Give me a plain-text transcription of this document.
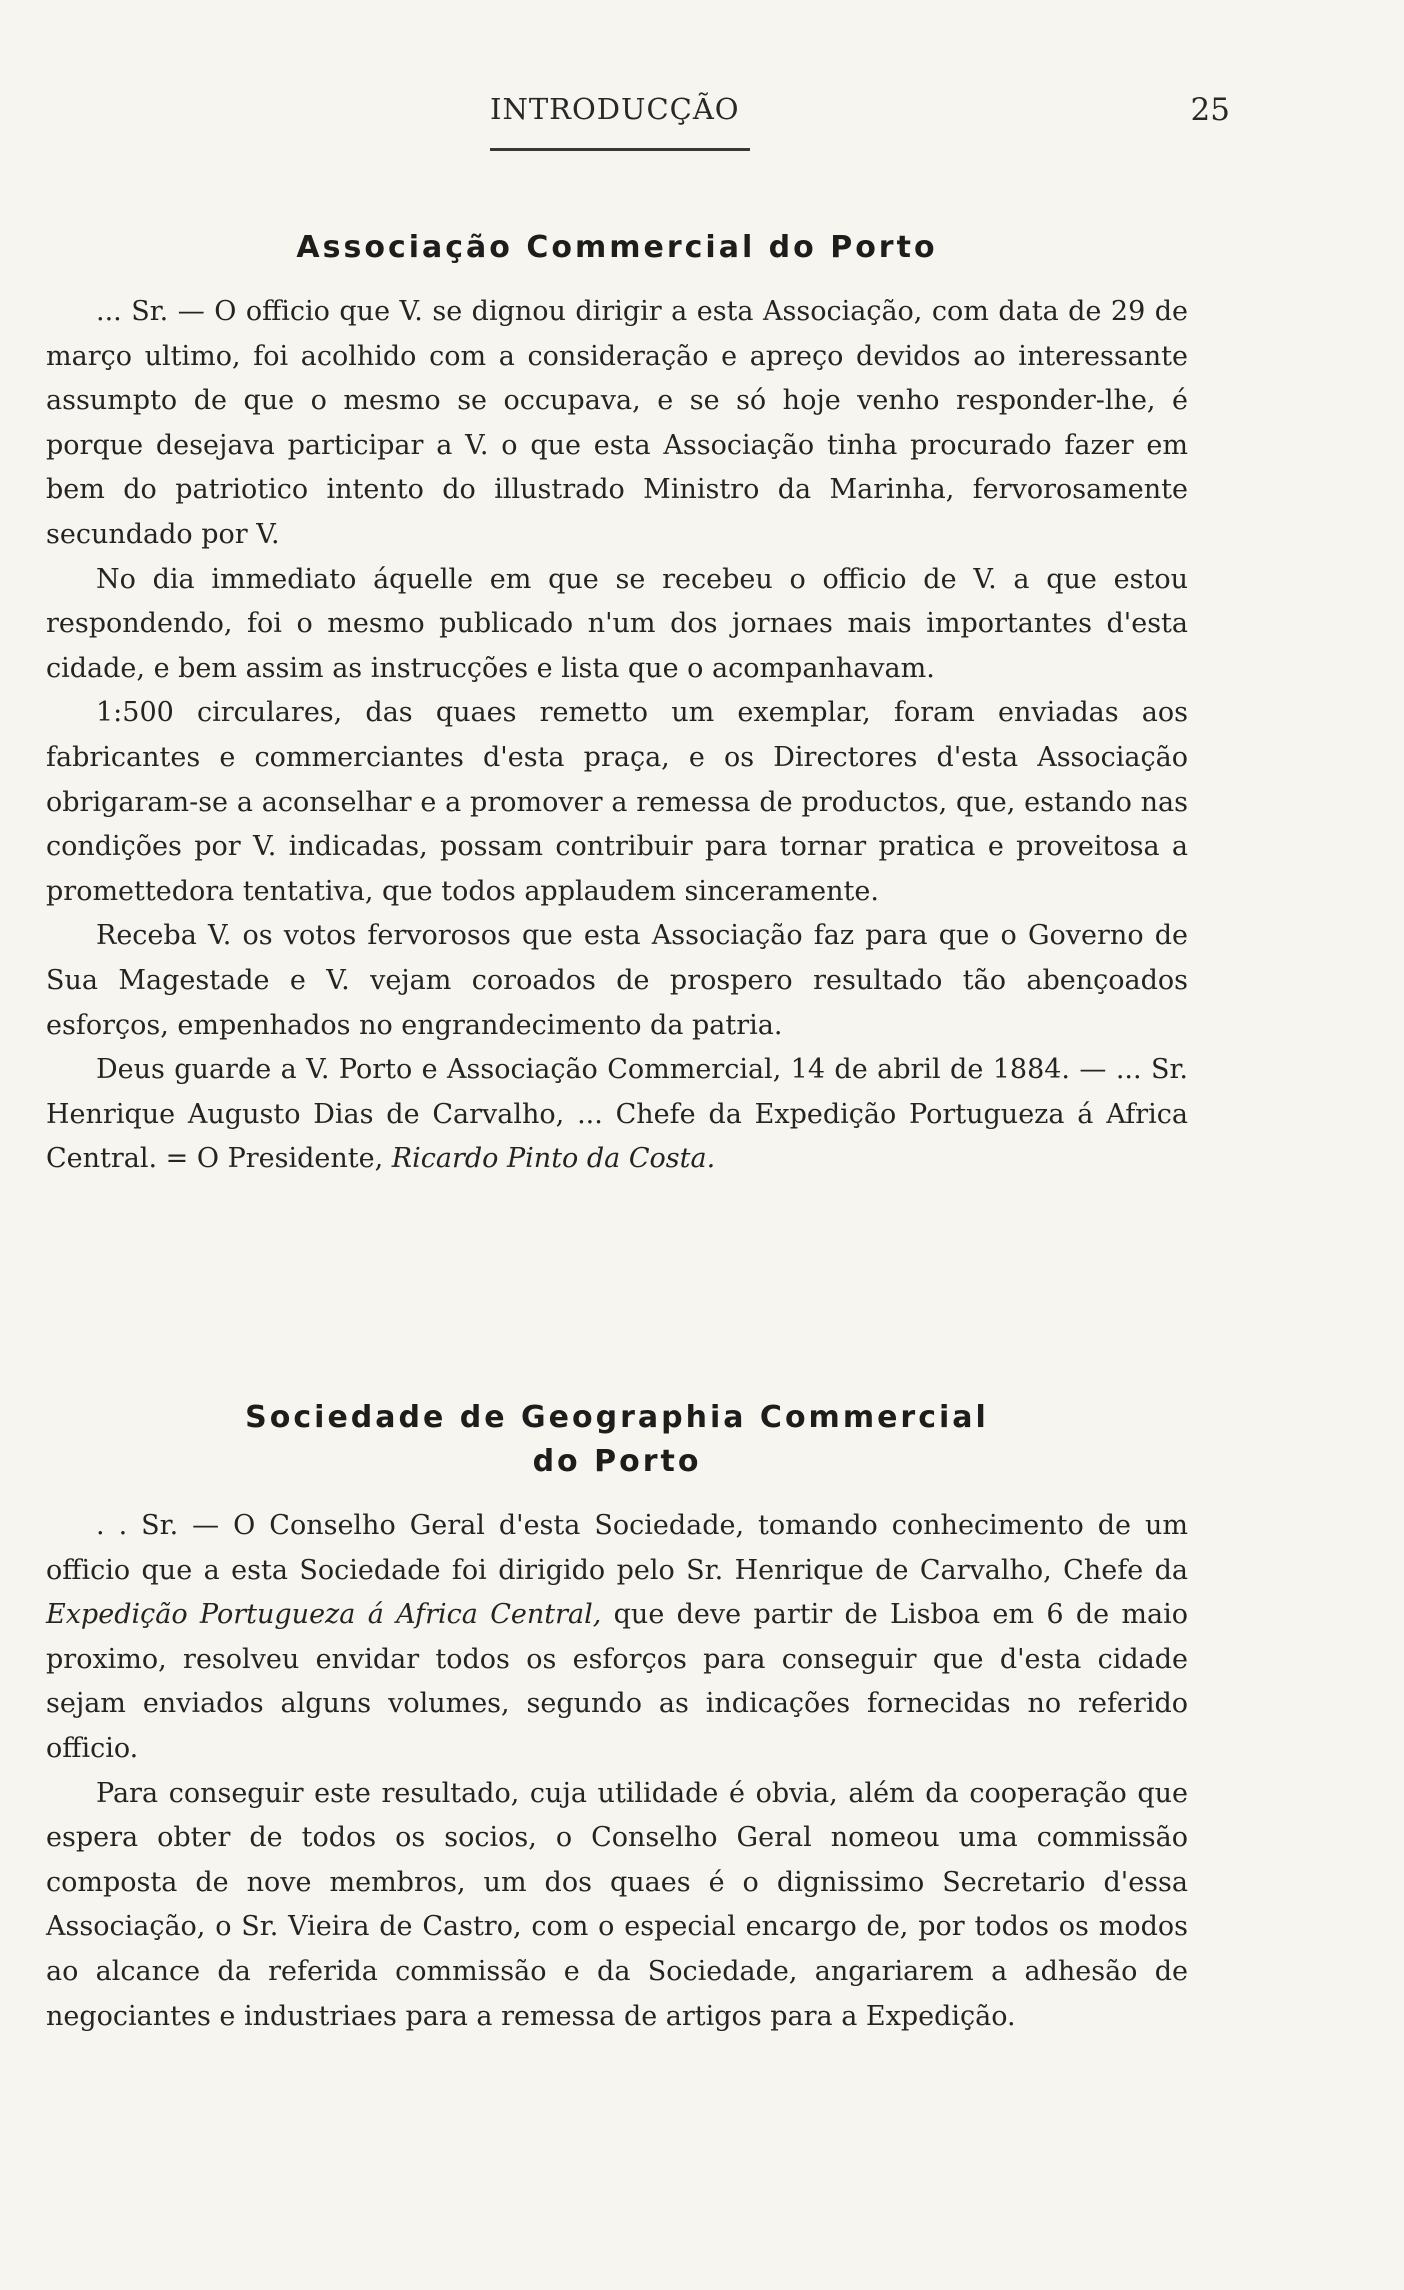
INTRODUCÇÃO	25
Associação Commercial do Porto

... Sr. — O officio que V. se dignou dirigir a esta Associação, com data de 29 de março ultimo, foi acolhido com a consideração e apreço devidos ao interessante assumpto de que o mesmo se occupava, e se só hoje venho responder-lhe, é porque desejava participar a V. o que esta Associação tinha procurado fazer em bem do patriotico intento do illustrado Ministro da Marinha, fervorosamente secundado por V.

No dia immediato áquelle em que se recebeu o officio de V. a que estou respondendo, foi o mesmo publicado n'um dos jornaes mais importantes d'esta cidade, e bem assim as instrucções e lista que o acompanhavam.

1:500 circulares, das quaes remetto um exemplar, foram enviadas aos fabricantes e commerciantes d'esta praça, e os Directores d'esta Associação obrigaram-se a aconselhar e a promover a remessa de productos, que, estando nas condições por V. indicadas, possam contribuir para tornar pratica e proveitosa a promettedora tentativa, que todos applaudem sinceramente.

Receba V. os votos fervorosos que esta Associação faz para que o Governo de Sua Magestade e V. vejam coroados de prospero resultado tão abençoados esforços, empenhados no engrandecimento da patria.

Deus guarde a V. Porto e Associação Commercial, 14 de abril de 1884. — ... Sr. Henrique Augusto Dias de Carvalho, ... Chefe da Expedição Portugueza á Africa Central. = O Presidente, Ricardo Pinto da Costa.

Sociedade de Geographia Commercial
do Porto

. . Sr. — O Conselho Geral d'esta Sociedade, tomando conhecimento de um officio que a esta Sociedade foi dirigido pelo Sr. Henrique de Carvalho, Chefe da Expedição Portugueza á Africa Central, que deve partir de Lisboa em 6 de maio proximo, resolveu envidar todos os esforços para conseguir que d'esta cidade sejam enviados alguns volumes, segundo as indicações fornecidas no referido officio.

Para conseguir este resultado, cuja utilidade é obvia, além da cooperação que espera obter de todos os socios, o Conselho Geral nomeou uma commissão composta de nove membros, um dos quaes é o dignissimo Secretario d'essa Associação, o Sr. Vieira de Castro, com o especial encargo de, por todos os modos ao alcance da referida commissão e da Sociedade, angariarem a adhesão de negociantes e industriaes para a remessa de artigos para a Expedição.
